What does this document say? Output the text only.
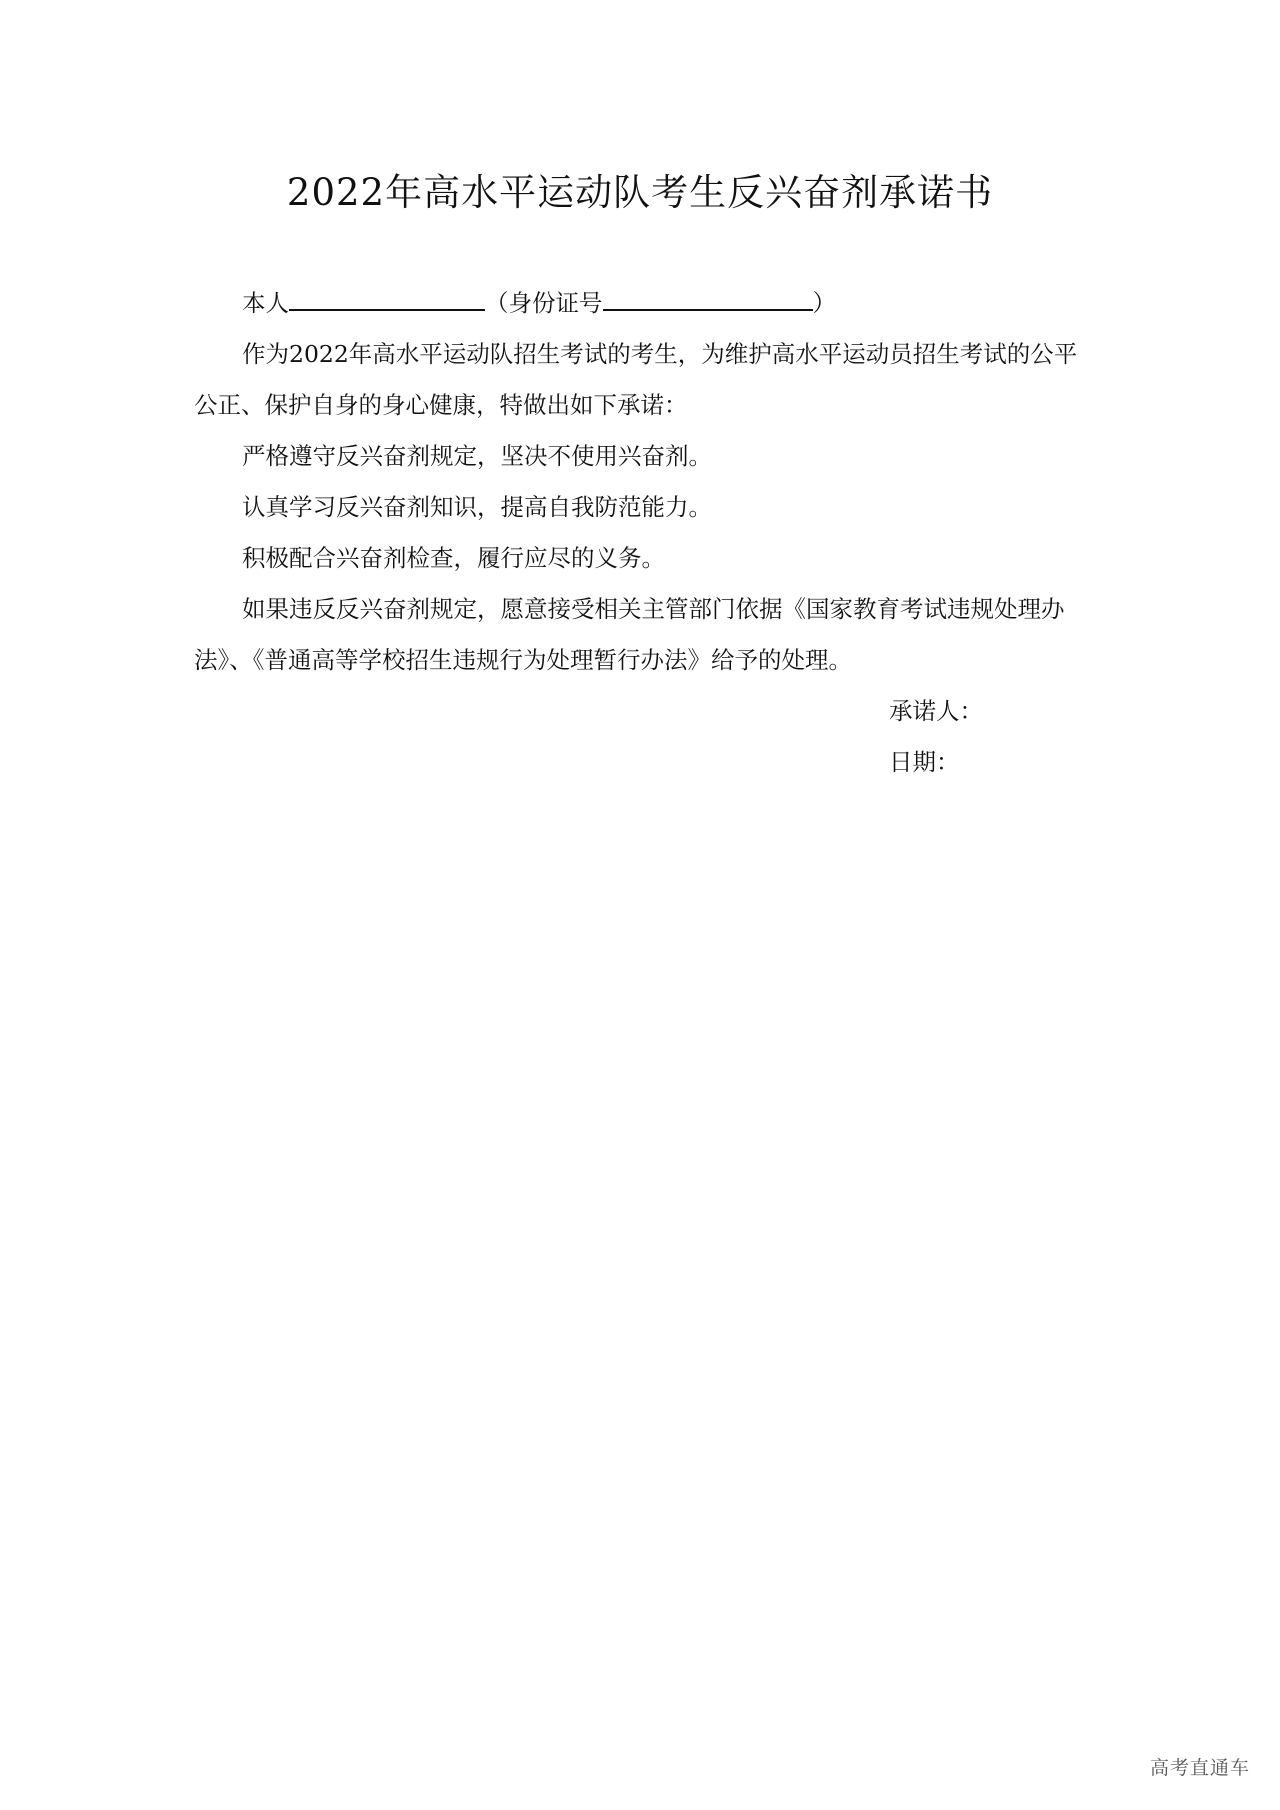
2022年高水平运动队考生反兴奋剂承诺书
本人	（身份证号	）

作为2022年高水平运动队招生考试的考生，为维护高水平运动员招生考试的公平公正、保护自身的身心健康，特做出如下承诺：

严格遵守反兴奋剂规定，坚决不使用兴奋剂。

认真学习反兴奋剂知识，提高自我防范能力。

积极配合兴奋剂检查，履行应尽的义务。

如果违反反兴奋剂规定，愿意接受相关主管部门依据《国家教育考试违规处理办法》、《普通高等学校招生违规行为处理暂行办法》给予的处理。

承诺人：
日期：
高考直通车
